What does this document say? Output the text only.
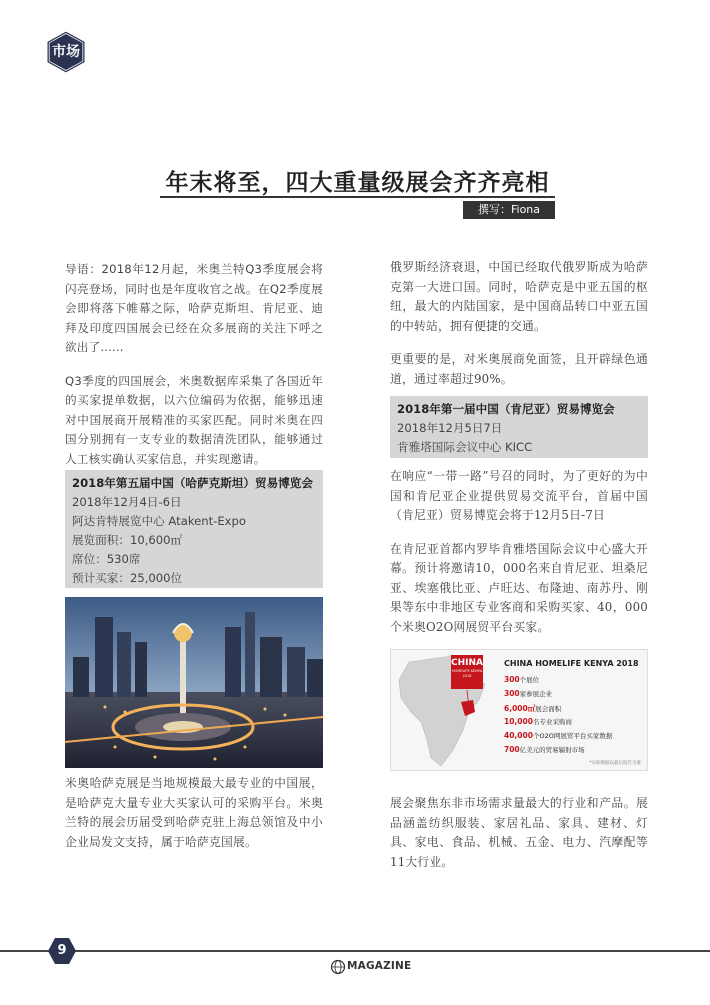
市场
年末将至，四大重量级展会齐齐亮相
撰写：Fiona

导语：2018年12月起，米奥兰特Q3季度展会将闪亮登场，同时也是年度收官之战。在Q2季度展会即将落下帷幕之际，哈萨克斯坦、肯尼亚、迪拜及印度四国展会已经在众多展商的关注下呼之欲出了......

Q3季度的四国展会，米奥数据库采集了各国近年的买家提单数据，以六位编码为依据，能够迅速对中国展商开展精准的买家匹配。同时米奥在四国分别拥有一支专业的数据清洗团队，能够通过人工核实确认买家信息，并实现邀请。

2018年第五届中国（哈萨克斯坦）贸易博览会
2018年12月4日-6日
阿达肯特展览中心 Atakent-Expo
展览面积：10,600㎡
席位：530席
预计买家：25,000位

米奥哈萨克展是当地规模最大最专业的中国展，是哈萨克大量专业大买家认可的采购平台。米奥兰特的展会历届受到哈萨克驻上海总领馆及中小企业局发文支持，属于哈萨克国展。

俄罗斯经济衰退，中国已经取代俄罗斯成为哈萨克第一大进口国。同时，哈萨克是中亚五国的枢纽，最大的内陆国家，是中国商品转口中亚五国的中转站，拥有便捷的交通。

更重要的是，对米奥展商免面签，且开辟绿色通道，通过率超过90%。

2018年第一届中国（肯尼亚）贸易博览会
2018年12月5日7日
肯雅塔国际会议中心 KICC

在响应“一带一路”号召的同时，为了更好的为中国和肯尼亚企业提供贸易交流平台，首届中国（肯尼亚）贸易博览会将于12月5日-7日

在肯尼亚首都内罗毕肯雅塔国际会议中心盛大开幕。预计将邀请10，000名来自肯尼亚、坦桑尼亚、埃塞俄比亚、卢旺达、布隆迪、南苏丹、刚果等东中非地区专业客商和采购买家、40，000个米奥O2O网展贸平台买家。

CHINA
HOMELIFE KENYA 2018
CHINA HOMELIFE KENYA 2018
300个展位
300家参展企业
6,000㎡展会面积
10,000名专业采购商
40,000个O2O网展贸平台买家数据
700亿美元的贸易辐射市场
*实际数据以最后报告为准

展会聚焦东非市场需求量最大的行业和产品。展品涵盖纺织服装、家居礼品、家具、建材、灯具、家电、食品、机械、五金、电力、汽摩配等11大行业。

9
MAGAZINE
